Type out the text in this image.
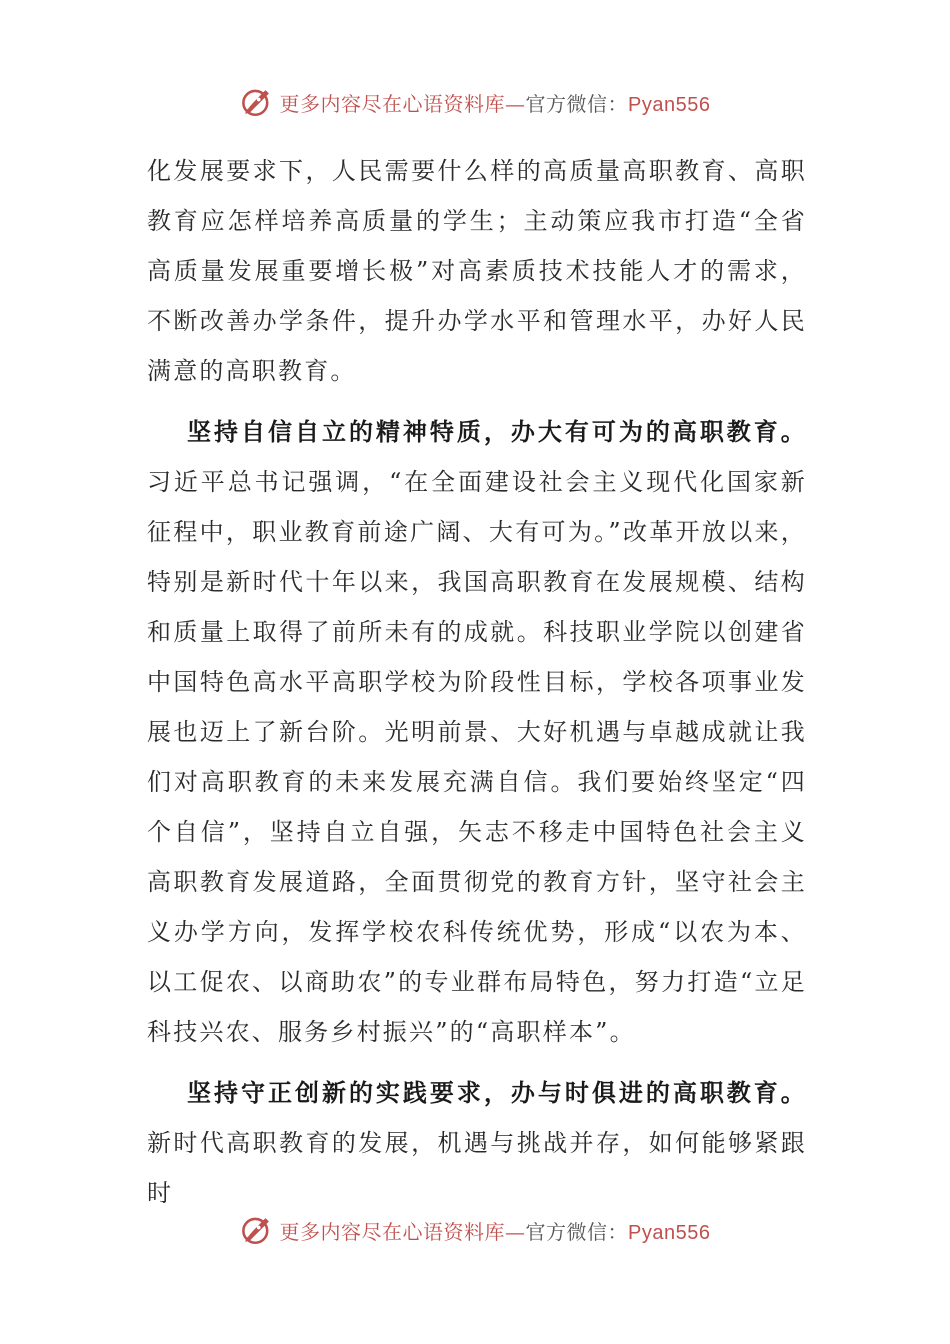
更多内容尽在心语资料库—官方微信：Pyan556

化发展要求下，人民需要什么样的高质量高职教育、高职教育应怎样培养高质量的学生；主动策应我市打造“全省高质量发展重要增长极”对高素质技术技能人才的需求，不断改善办学条件，提升办学水平和管理水平，办好人民满意的高职教育。

坚持自信自立的精神特质，办大有可为的高职教育。习近平总书记强调，“在全面建设社会主义现代化国家新征程中，职业教育前途广阔、大有可为。”改革开放以来，特别是新时代十年以来，我国高职教育在发展规模、结构和质量上取得了前所未有的成就。科技职业学院以创建省中国特色高水平高职学校为阶段性目标，学校各项事业发展也迈上了新台阶。光明前景、大好机遇与卓越成就让我们对高职教育的未来发展充满自信。我们要始终坚定“四个自信”，坚持自立自强，矢志不移走中国特色社会主义高职教育发展道路，全面贯彻党的教育方针，坚守社会主义办学方向，发挥学校农科传统优势，形成“以农为本、以工促农、以商助农”的专业群布局特色，努力打造“立足科技兴农、服务乡村振兴”的“高职样本”。

坚持守正创新的实践要求，办与时俱进的高职教育。新时代高职教育的发展，机遇与挑战并存，如何能够紧跟时

更多内容尽在心语资料库—官方微信：Pyan556
